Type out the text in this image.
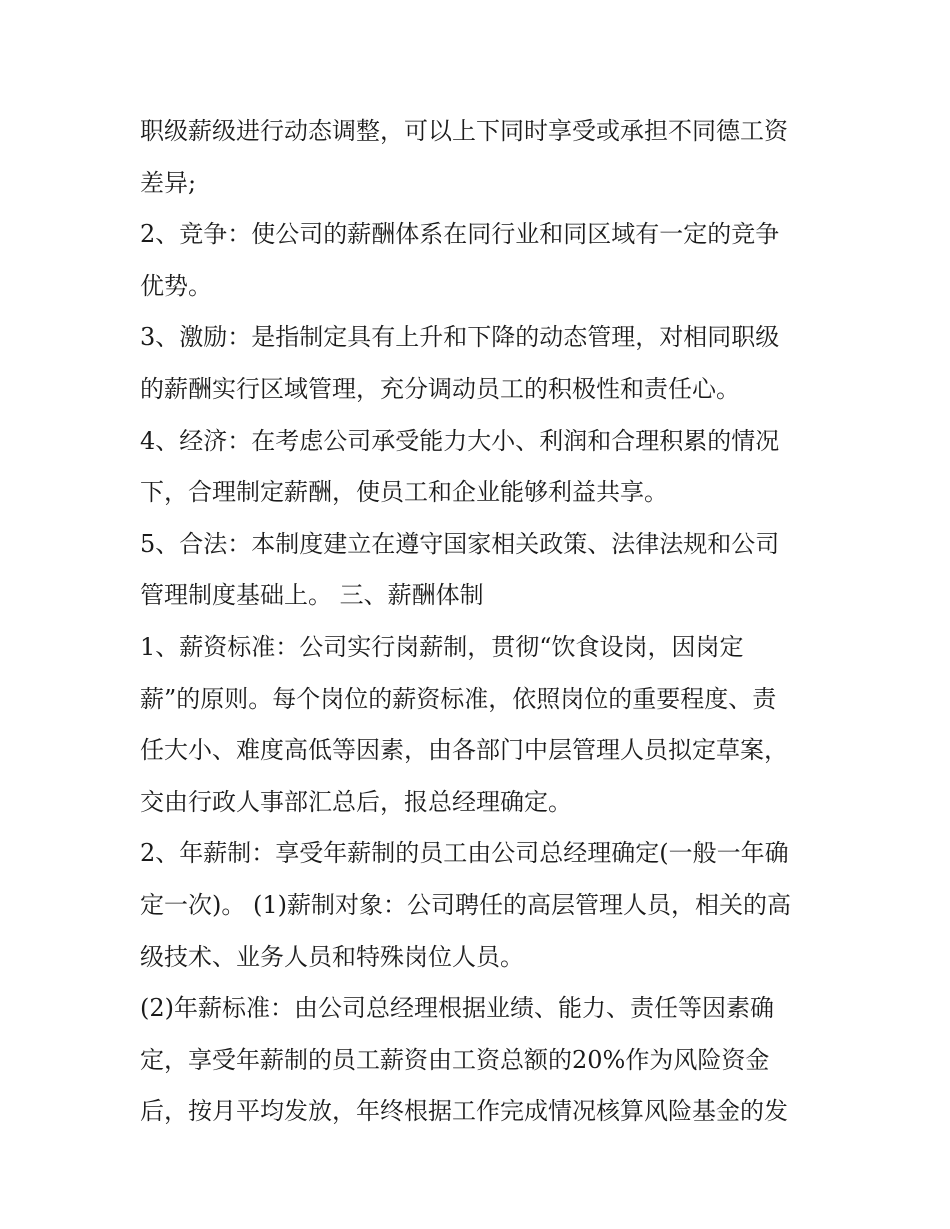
职级薪级进行动态调整，可以上下同时享受或承担不同德工资
差异;
2、竞争：使公司的薪酬体系在同行业和同区域有一定的竞争
优势。
3、激励：是指制定具有上升和下降的动态管理，对相同职级
的薪酬实行区域管理，充分调动员工的积极性和责任心。
4、经济：在考虑公司承受能力大小、利润和合理积累的情况
下，合理制定薪酬，使员工和企业能够利益共享。
5、合法：本制度建立在遵守国家相关政策、法律法规和公司
管理制度基础上。 三、薪酬体制
1、薪资标准：公司实行岗薪制，贯彻“饮食设岗，因岗定
薪”的原则。每个岗位的薪资标准，依照岗位的重要程度、责
任大小、难度高低等因素，由各部门中层管理人员拟定草案，
交由行政人事部汇总后，报总经理确定。
2、年薪制：享受年薪制的员工由公司总经理确定(一般一年确
定一次)。 (1)薪制对象：公司聘任的高层管理人员，相关的高
级技术、业务人员和特殊岗位人员。
(2)年薪标准：由公司总经理根据业绩、能力、责任等因素确
定，享受年薪制的员工薪资由工资总额的20%作为风险资金
后，按月平均发放，年终根据工作完成情况核算风险基金的发
